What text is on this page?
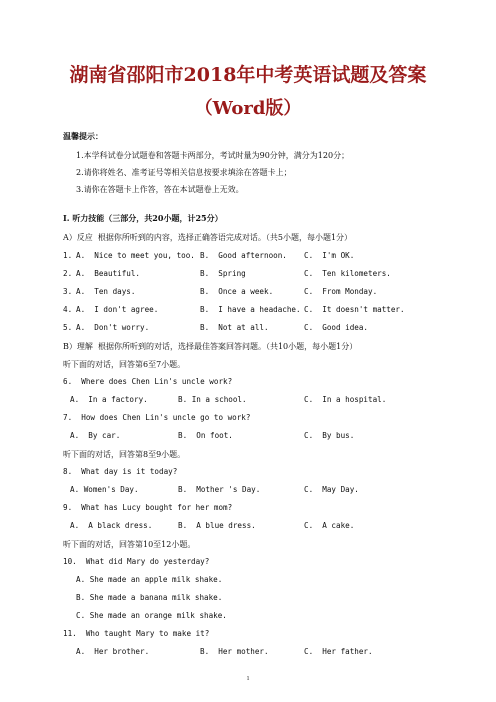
湖南省邵阳市2018年中考英语试题及答案
（Word版）
温馨提示：
1.本学科试卷分试题卷和答题卡两部分，考试时量为90分钟，满分为120分；
2.请你将姓名、准考证号等相关信息按要求填涂在答题卡上；
3.请你在答题卡上作答，答在本试题卷上无效。
Ⅰ. 听力技能（三部分，共20小题，计25分）
A）反应  根据你所听到的内容，选择正确答语完成对话。（共5小题，每小题1分）
1. A.  Nice to meet you, too. B.  Good afternoon. C.  I'm OK.
2. A.  Beautiful.	B.  Spring	C.  Ten kilometers.
3. A.  Ten days.	B.  Once a week.	C.  From Monday.
4. A.  I don't agree.	B.  I have a headache. C.  It doesn't matter.
5. A.  Don't worry.	B.  Not at all.	C.  Good idea.
B）理解  根据你所听到的对话，选择最佳答案回答问题。（共10小题，每小题1分）
听下面的对话，回答第6至7小题。
6.  Where does Chen Lin's uncle work?
A.  In a factory.	B. In a school.	C.  In a hospital.
7.  How does Chen Lin's uncle go to work?
A.  By car.	B.  On foot.	C.  By bus.
听下面的对话，回答第8至9小题。
8.  What day is it today?
A. Women's Day.	B.  Mother 's Day.	C.  May Day.
9.  What has Lucy bought for her mom?
A.  A black dress.	B.  A blue dress.	C.  A cake.
听下面的对话，回答第10至12小题。
10.  What did Mary do yesterday?
A. She made an apple milk shake.
B. She made a banana milk shake.
C. She made an orange milk shake.
11.  Who taught Mary to make it?
A.  Her brother.	B.  Her mother.	C.  Her father.
1
